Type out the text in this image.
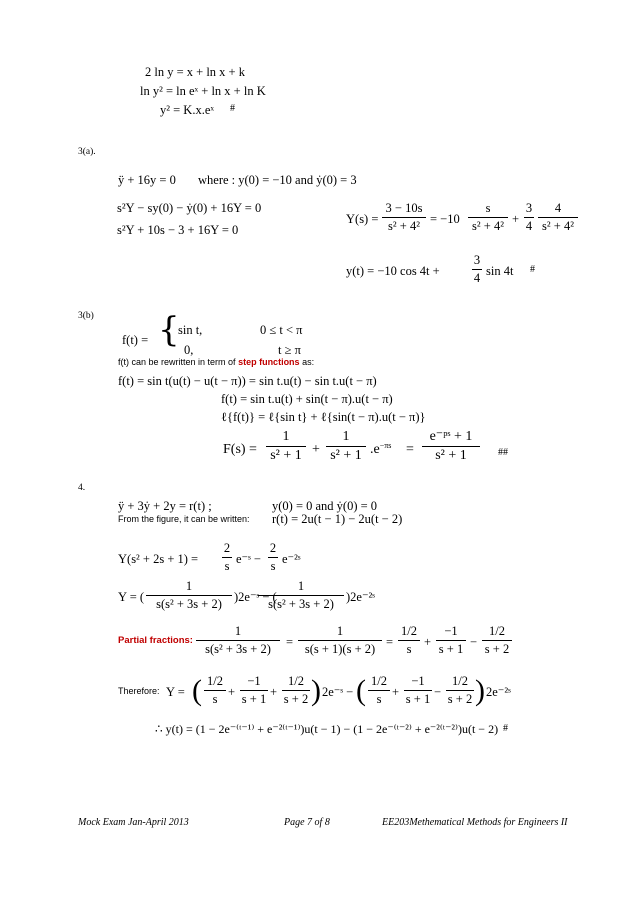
2 ln y = x + ln x + k
ln y² = ln eˣ + ln x + ln K
y² = K.x.eˣ #
3(a).
ÿ + 16y = 0 where : y(0) = −10 and ẏ(0) = 3
s²Y − sy(0) − ẏ(0) + 16Y = 0
s²Y + 10s − 3 + 16Y = 0
$Y(s) = \frac{3 - 10s}{\text{s² + 4²}} = -10 \frac{s}{\text{s² + 4²}} + \frac{3}{4} \frac{4}{\text{s² + 4²}}$
y(t) = −10 cos 4t +	$\frac{3}{4}$ sin 4t #
3(b)
f(t) = {
sin t,	0 ≤ t < π
0,	t ≥ π
f(t) can be rewritten in term of step functions as:
f(t) = sin t(u(t) − u(t − π)) = sin t.u(t) − sin t.u(t − π)
f(t) = sin t.u(t) + sin(t − π).u(t − π)
ℓ{f(t)} = ℓ{sin t} + ℓ{sin(t − π).u(t − π)}
$F(s) = \frac{1}{\text{s² + 1}} + \frac{1}{\text{s² + 1}} .e^{-\pi s} = \frac{\text{e⁻ᵖˢ + 1}}{\text{s² + 1}}$ ##
4.
ÿ + 3ẏ + 2y = r(t) ;	y(0) = 0 and ẏ(0) = 0
From the figure, it can be written: r(t) = 2u(t − 1) − 2u(t − 2)
$Y(s^2 + 2s + 1) = \frac{2}{s}$ e⁻ˢ − $\frac{2}{s}$ e⁻²ˢ
Y = ( $\frac{1}{\text{s(s² + 3s + 2)}}$ )2e⁻ˢ − (
$\frac{1}{\text{s(s² + 3s + 2)}}$ )2e⁻²ˢ
Partial fractions: $\frac{1}{\text{s(s² + 3s + 2)}} = \frac{1}{s(s + 1)(s + 2)} = \frac{1/2}{s} + \frac{-1}{s + 1} - \frac{1/2}{s + 2}$
Therefore: Y = ( $\frac{1/2}{s} + \frac{-1}{s + 1} + \frac{1/2}{s + 2}$ ) 2e⁻ˢ − ( $\frac{1/2}{s} + \frac{-1}{s + 1} - \frac{1/2}{s + 2}$ ) 2e⁻²ˢ
∴ y(t) = (1 − 2e⁻⁽ᵗ⁻¹⁾ + e⁻²⁽ᵗ⁻¹⁾)u(t − 1) − (1 − 2e⁻⁽ᵗ⁻²⁾ + e⁻²⁽ᵗ⁻²⁾)u(t − 2) #
Mock Exam Jan-April 2013	Page 7 of 8	EE203Methematical Methods for Engineers II
